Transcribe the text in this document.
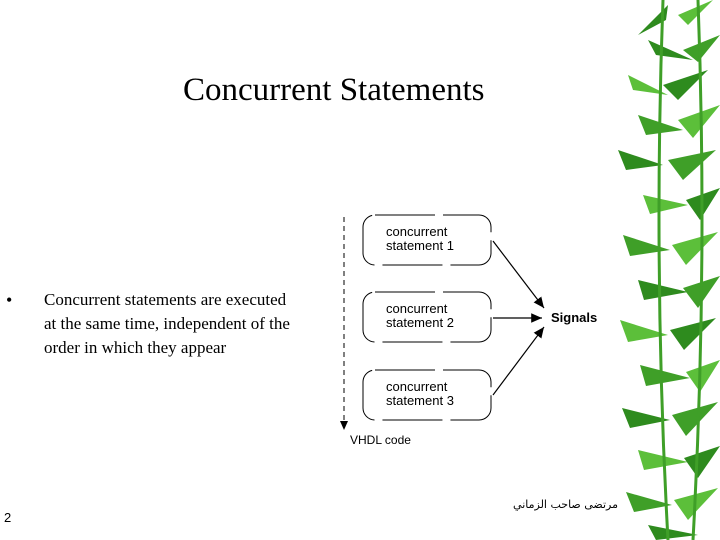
Concurrent Statements
• Concurrent statements are executed at the same time, independent of the order in which they appear
VHDL code
concurrent
statement 1
concurrent
statement 2
concurrent
statement 3
Signals
2
مرتضى صاحب الزماني
